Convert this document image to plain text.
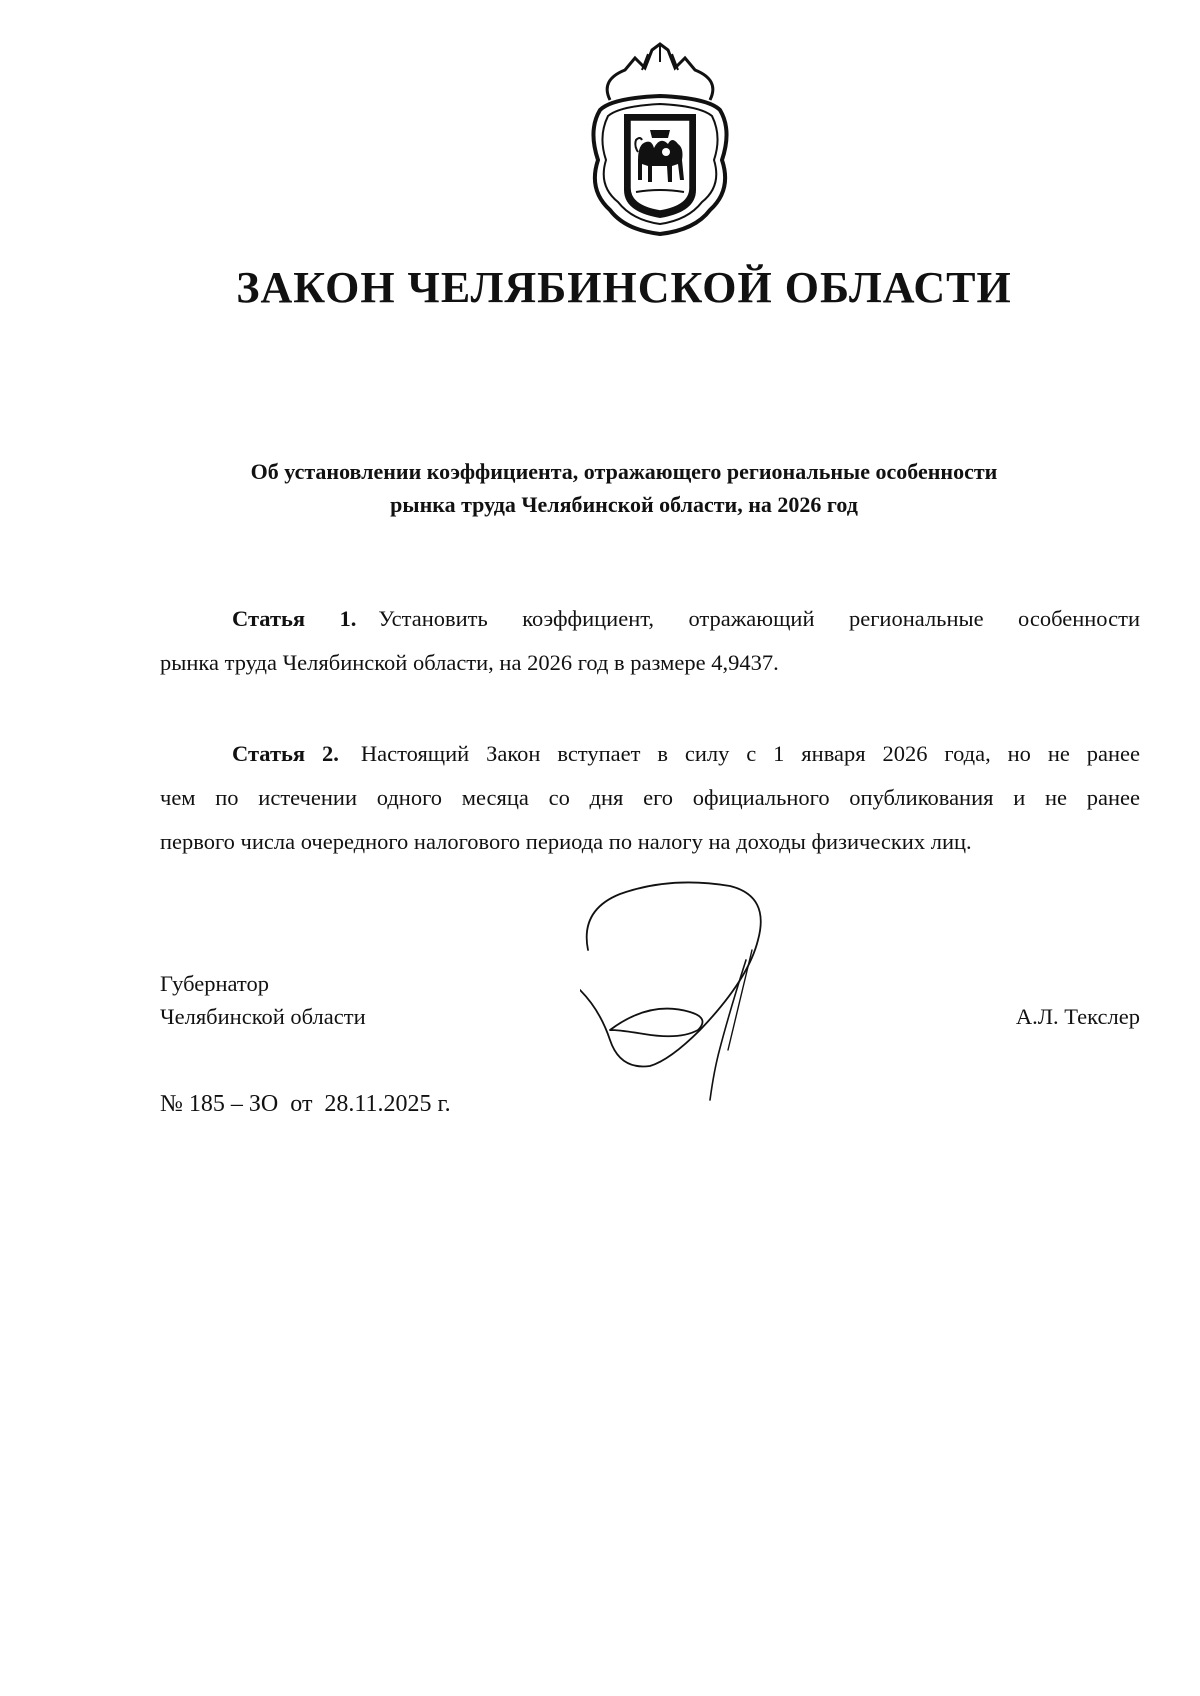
ЗАКОН ЧЕЛЯБИНСКОЙ ОБЛАСТИ
Об установлении коэффициента, отражающего региональные особенности
рынка труда Челябинской области, на 2026 год
Статья 1. Установить коэффициент, отражающий региональные особенности
рынка труда Челябинской области, на 2026 год в размере 4,9437.
Статья 2. Настоящий Закон вступает в силу с 1 января 2026 года, но не ранее
чем по истечении одного месяца со дня его официального опубликования и не ранее
первого числа очередного налогового периода по налогу на доходы физических лиц.
Губернатор
Челябинской области	А.Л. Текслер
№ 185 – ЗО  от  28.11.2025 г.
